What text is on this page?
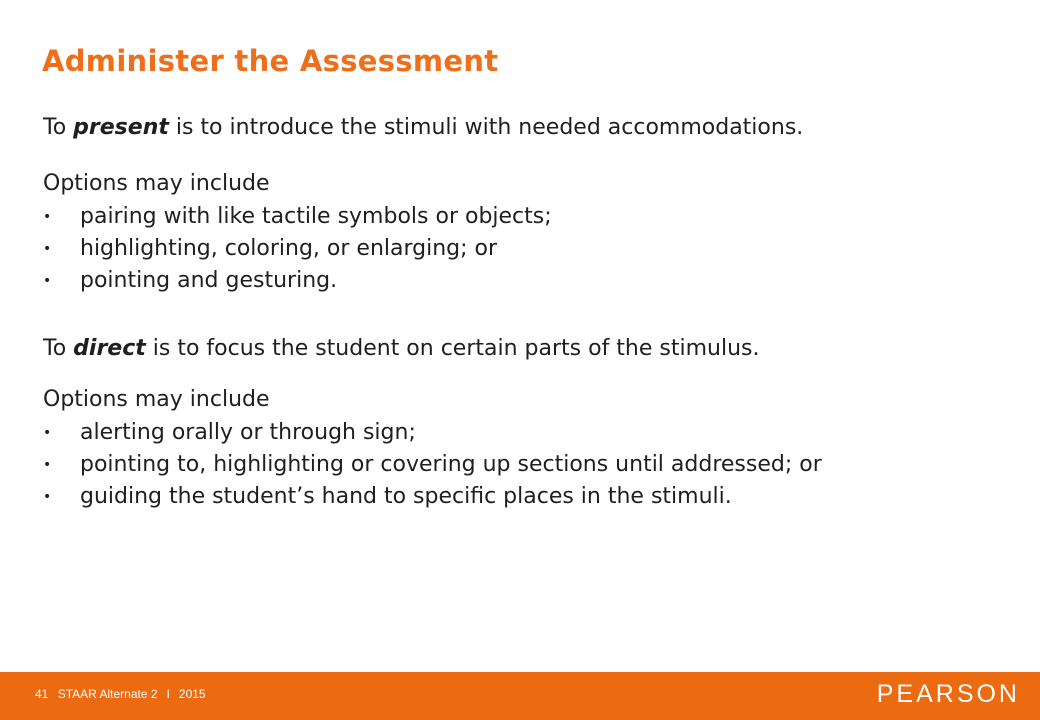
Administer the Assessment

To present is to introduce the stimuli with needed accommodations.

Options may include

• pairing with like tactile symbols or objects;
• highlighting, coloring, or enlarging; or
• pointing and gesturing.

To direct is to focus the student on certain parts of the stimulus.

Options may include

• alerting orally or through sign;
• pointing to, highlighting or covering up sections until addressed; or
• guiding the student’s hand to specific places in the stimuli.
41 STAAR Alternate 2 l 2015	PEARSON
